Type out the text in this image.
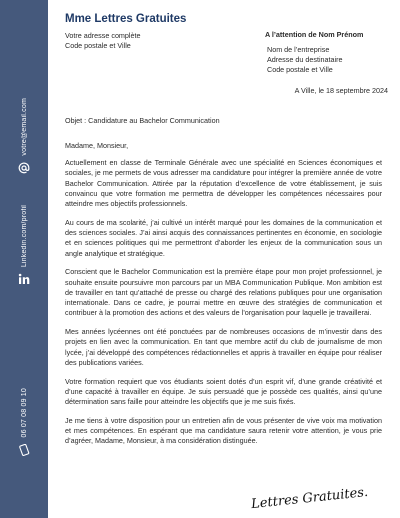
votre@email.com
Linkedin.com/profil
06 07 08 09 10
Mme Lettres Gratuites
Votre adresse complète
Code postale et Ville
A l’attention de Nom Prénom
Nom de l’entreprise
Adresse du destinataire
Code postale et Ville
A Ville, le 18 septembre 2024
Objet : Candidature au Bachelor Communication
Madame, Monsieur,

Actuellement en classe de Terminale Générale avec une spécialité en Sciences économiques et sociales, je me permets de vous adresser ma candidature pour intégrer la première année de votre Bachelor Communication. Attirée par la réputation d’excellence de votre établissement, je suis convaincu que votre formation me permettra de développer les compétences nécessaires pour atteindre mes objectifs professionnels.

Au cours de ma scolarité, j’ai cultivé un intérêt marqué pour les domaines de la communication et des sciences sociales. J’ai ainsi acquis des connaissances pertinentes en économie, en sociologie et en sciences politiques qui me permettront d’aborder les enjeux de la communication sous un angle analytique et stratégique.

Conscient que le Bachelor Communication est la première étape pour mon projet professionnel, je souhaite ensuite poursuivre mon parcours par un MBA Communication Publique. Mon ambition est de travailler en tant qu’attaché de presse ou chargé des relations publiques pour une organisation internationale. Dans ce cadre, je pourrai mettre en œuvre des stratégies de communication et contribuer à la promotion des actions et des valeurs de l’organisation pour laquelle je travaillerai.

Mes années lycéennes ont été ponctuées par de nombreuses occasions de m’investir dans des projets en lien avec la communication. En tant que membre actif du club de journalisme de mon lycée, j’ai développé des compétences rédactionnelles et appris à travailler en équipe pour réaliser des publications variées.

Votre formation requiert que vos étudiants soient dotés d’un esprit vif, d’une grande créativité et d’une capacité à travailler en équipe. Je suis persuadé que je possède ces qualités, ainsi qu’une détermination sans faille pour atteindre les objectifs que je me suis fixés.

Je me tiens à votre disposition pour un entretien afin de vous présenter de vive voix ma motivation et mes compétences. En espérant que ma candidature saura retenir votre attention, je vous prie d’agréer, Madame, Monsieur, à ma considération distinguée.

Lettres Gratuites.
